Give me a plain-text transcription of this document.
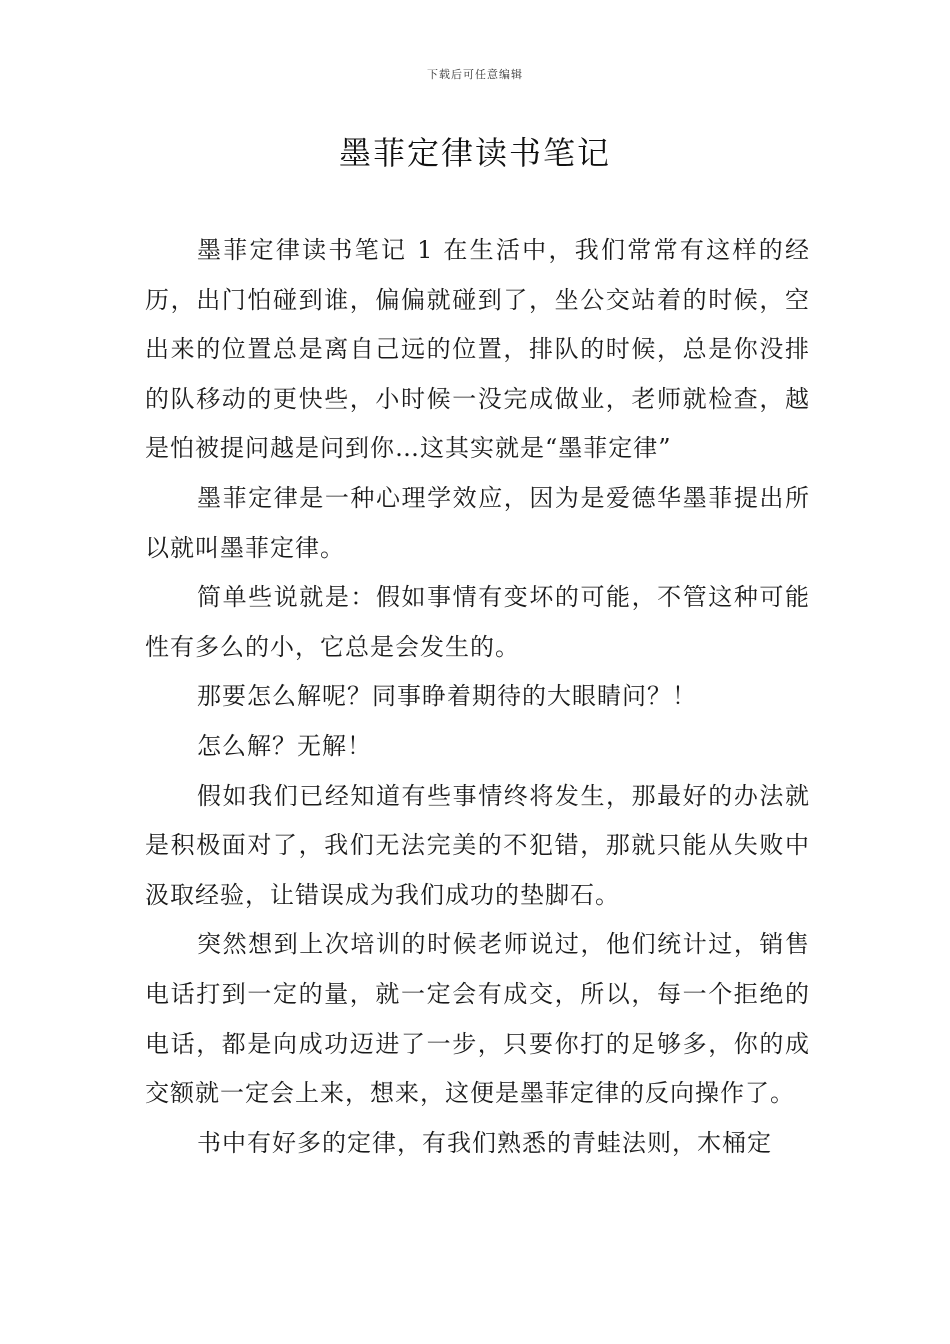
下载后可任意编辑
墨菲定律读书笔记

墨菲定律读书笔记 1 在生活中，我们常常有这样的经历，出门怕碰到谁，偏偏就碰到了，坐公交站着的时候，空出来的位置总是离自己远的位置，排队的时候，总是你没排的队移动的更快些，小时候一没完成做业，老师就检查，越是怕被提问越是问到你…这其实就是“墨菲定律”

墨菲定律是一种心理学效应，因为是爱德华墨菲提出所以就叫墨菲定律。

简单些说就是：假如事情有变坏的可能，不管这种可能性有多么的小，它总是会发生的。

那要怎么解呢？同事睁着期待的大眼睛问？！

怎么解？无解！

假如我们已经知道有些事情终将发生，那最好的办法就是积极面对了，我们无法完美的不犯错，那就只能从失败中汲取经验，让错误成为我们成功的垫脚石。

突然想到上次培训的时候老师说过，他们统计过，销售电话打到一定的量，就一定会有成交，所以，每一个拒绝的电话，都是向成功迈进了一步，只要你打的足够多，你的成交额就一定会上来，想来，这便是墨菲定律的反向操作了。

书中有好多的定律，有我们熟悉的青蛙法则，木桶定
